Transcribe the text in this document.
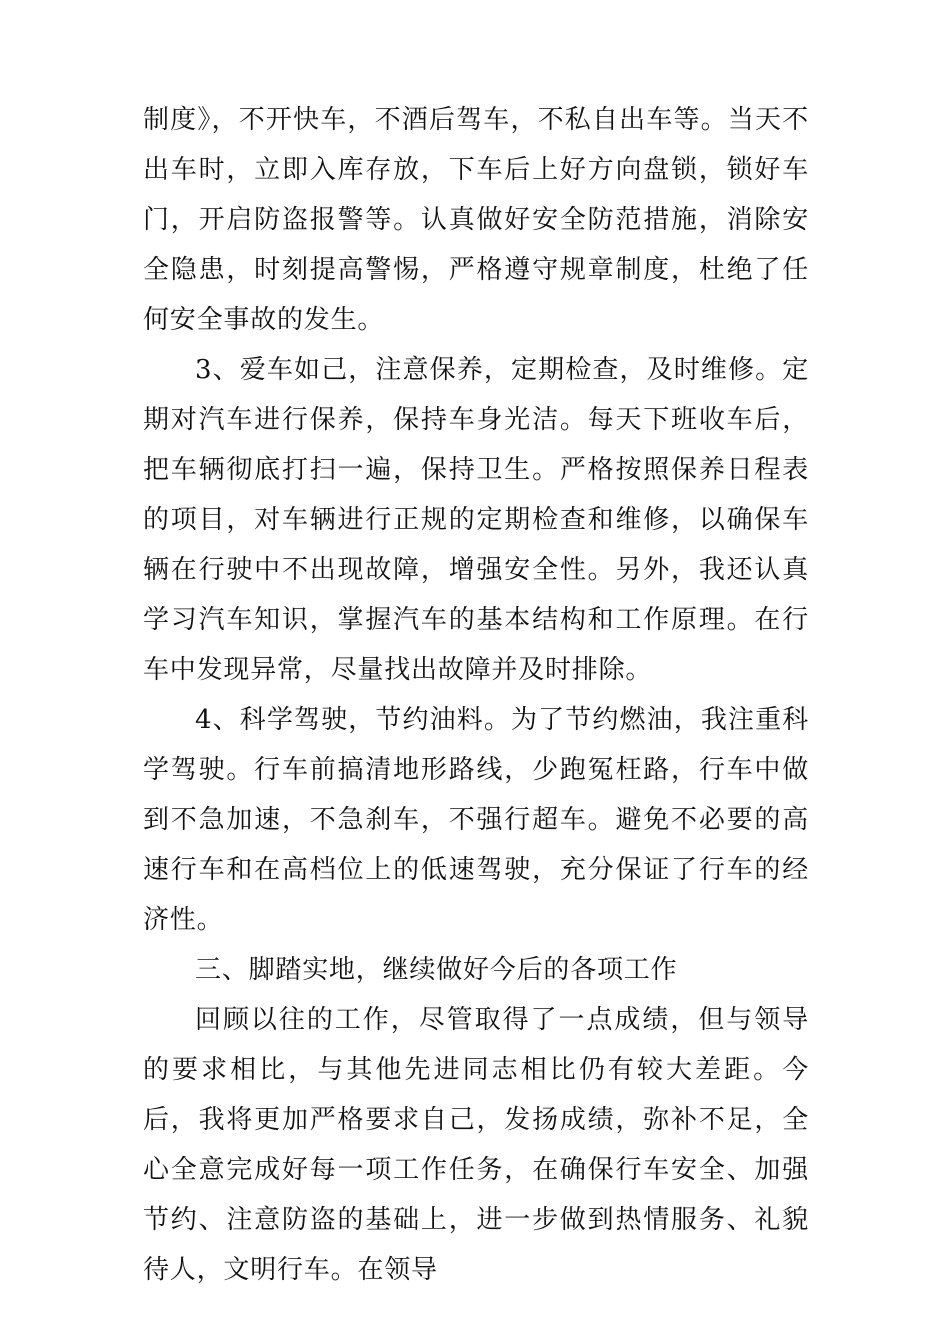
制度》，不开快车，不酒后驾车，不私自出车等。当天不出车时，立即入库存放，下车后上好方向盘锁，锁好车门，开启防盗报警等。认真做好安全防范措施，消除安全隐患，时刻提高警惕，严格遵守规章制度，杜绝了任何安全事故的发生。

3、爱车如己，注意保养，定期检查，及时维修。定期对汽车进行保养，保持车身光洁。每天下班收车后，把车辆彻底打扫一遍，保持卫生。严格按照保养日程表的项目，对车辆进行正规的定期检查和维修，以确保车辆在行驶中不出现故障，增强安全性。另外，我还认真学习汽车知识，掌握汽车的基本结构和工作原理。在行车中发现异常，尽量找出故障并及时排除。

4、科学驾驶，节约油料。为了节约燃油，我注重科学驾驶。行车前搞清地形路线，少跑冤枉路，行车中做到不急加速，不急刹车，不强行超车。避免不必要的高速行车和在高档位上的低速驾驶，充分保证了行车的经济性。

三、脚踏实地，继续做好今后的各项工作

回顾以往的工作，尽管取得了一点成绩，但与领导的要求相比，与其他先进同志相比仍有较大差距。今后，我将更加严格要求自己，发扬成绩，弥补不足，全心全意完成好每一项工作任务，在确保行车安全、加强节约、注意防盗的基础上，进一步做到热情服务、礼貌待人，文明行车。在领导
